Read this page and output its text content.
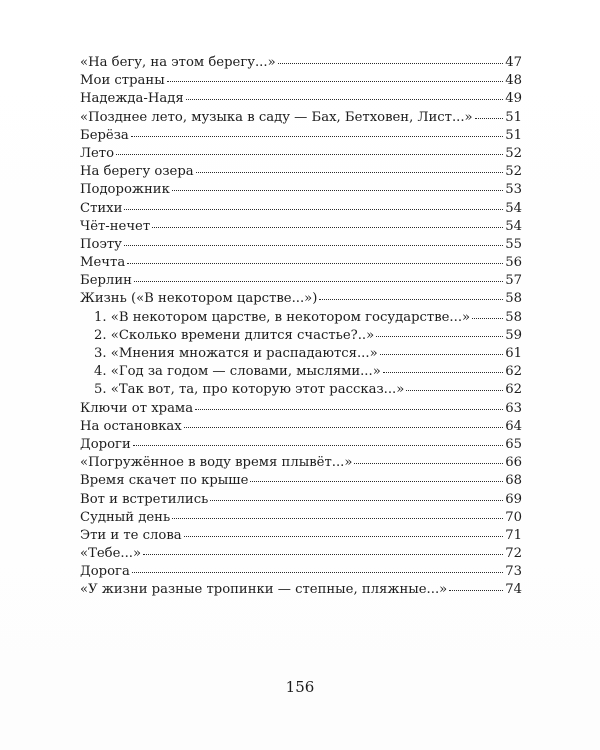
«На бегу, на этом берегу...»	47
Мои страны	48
Надежда-Надя	49
«Позднее лето, музыка в саду — Бах, Бетховен, Лист...» 51
Берёза	51
Лето	52
На берегу озера	52
Подорожник	53
Стихи	54
Чёт-нечет	54
Поэту	55
Мечта	56
Берлин	57
Жизнь («В некотором царстве...»)	58
1. «В некотором царстве, в некотором государстве...»	58
2. «Сколько времени длится счастье?..»	59
3. «Мнения множатся и распадаются...»	61
4. «Год за годом — словами, мыслями...»	62
5. «Так вот, та, про которую этот рассказ...»	62
Ключи от храма	63
На остановках	64
Дороги	65
«Погружённое в воду время плывёт...»	66
Время скачет по крыше	68
Вот и встретились	69
Судный день	70
Эти и те слова	71
«Тебе...»	72
Дорога	73
«У жизни разные тропинки — степные, пляжные...»	74
156
